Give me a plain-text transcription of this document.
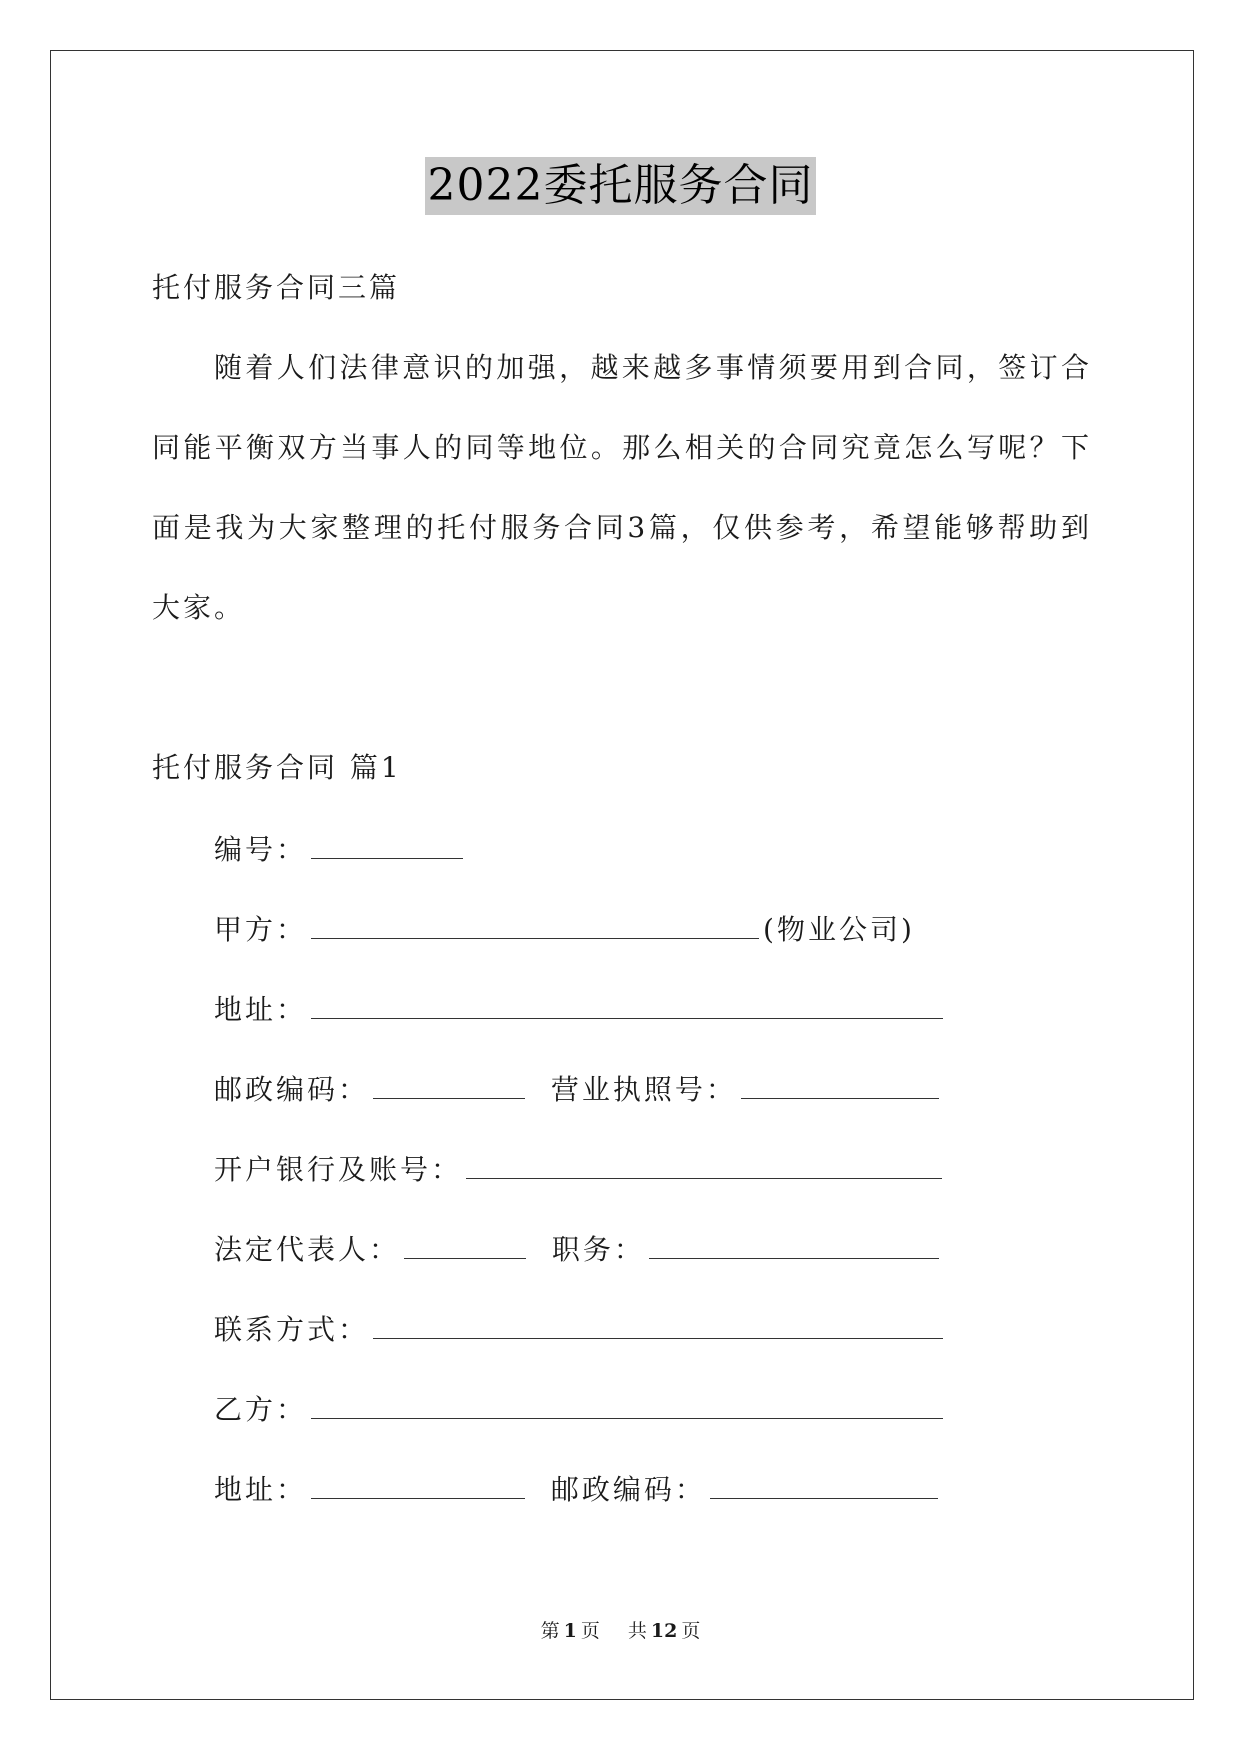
2022委托服务合同
托付服务合同三篇
随着人们法律意识的加强，越来越多事情须要用到合同，签订合
同能平衡双方当事人的同等地位。那么相关的合同究竟怎么写呢？下
面是我为大家整理的托付服务合同3篇，仅供参考，希望能够帮助到
大家。
托付服务合同 篇1
编号：
甲方：	(物业公司)
地址：
邮政编码：	营业执照号：
开户银行及账号：
法定代表人：	职务：
联系方式：
乙方：
地址：	邮政编码：
第 1 页 共 12 页
